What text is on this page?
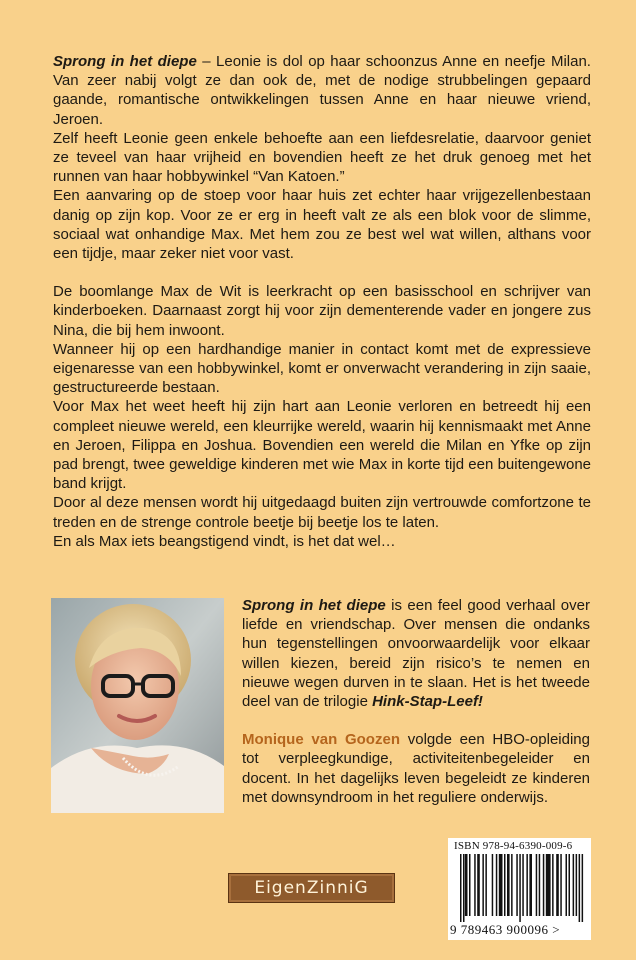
Sprong in het diepe – Leonie is dol op haar schoonzus Anne en neefje Milan. Van zeer nabij volgt ze dan ook de, met de nodige strubbelingen gepaard gaande, romantische ontwikkelingen tussen Anne en haar nieuwe vriend, Jeroen.

Zelf heeft Leonie geen enkele behoefte aan een liefdesrelatie, daarvoor geniet ze teveel van haar vrijheid en bovendien heeft ze het druk genoeg met het runnen van haar hobbywinkel “Van Katoen.”

Een aanvaring op de stoep voor haar huis zet echter haar vrijgezellenbestaan danig op zijn kop. Voor ze er erg in heeft valt ze als een blok voor de slimme, sociaal wat onhandige Max. Met hem zou ze best wel wat willen, althans voor een tijdje, maar zeker niet voor vast.

De boomlange Max de Wit is leerkracht op een basisschool en schrijver van kinderboeken. Daarnaast zorgt hij voor zijn dementerende vader en jongere zus Nina, die bij hem inwoont.

Wanneer hij op een hardhandige manier in contact komt met de expressieve eigenaresse van een hobbywinkel, komt er onverwacht verandering in zijn saaie, gestructureerde bestaan.

Voor Max het weet heeft hij zijn hart aan Leonie verloren en betreedt hij een compleet nieuwe wereld, een kleurrijke wereld, waarin hij kennismaakt met Anne en Jeroen, Filippa en Joshua. Bovendien een wereld die Milan en Yfke op zijn pad brengt, twee geweldige kinderen met wie Max in korte tijd een buitengewone band krijgt.

Door al deze mensen wordt hij uitgedaagd buiten zijn vertrouwde comfortzone te treden en de strenge controle beetje bij beetje los te laten.

En als Max iets beangstigend vindt, is het dat wel…

Sprong in het diepe is een feel good verhaal over liefde en vriendschap. Over mensen die ondanks hun tegenstellingen onvoorwaardelijk voor elkaar willen kiezen, bereid zijn risico’s te nemen en nieuwe wegen durven in te slaan. Het is het tweede deel van de trilogie Hink-Stap-Leef!

Monique van Goozen volgde een HBO-opleiding tot verpleegkundige, activiteitenbegeleider en docent. In het dagelijks leven begeleidt ze kinderen met downsyndroom in het reguliere onderwijs.

EigenZinniG
ISBN 978-94-6390-009-6
9 789463 900096 >
